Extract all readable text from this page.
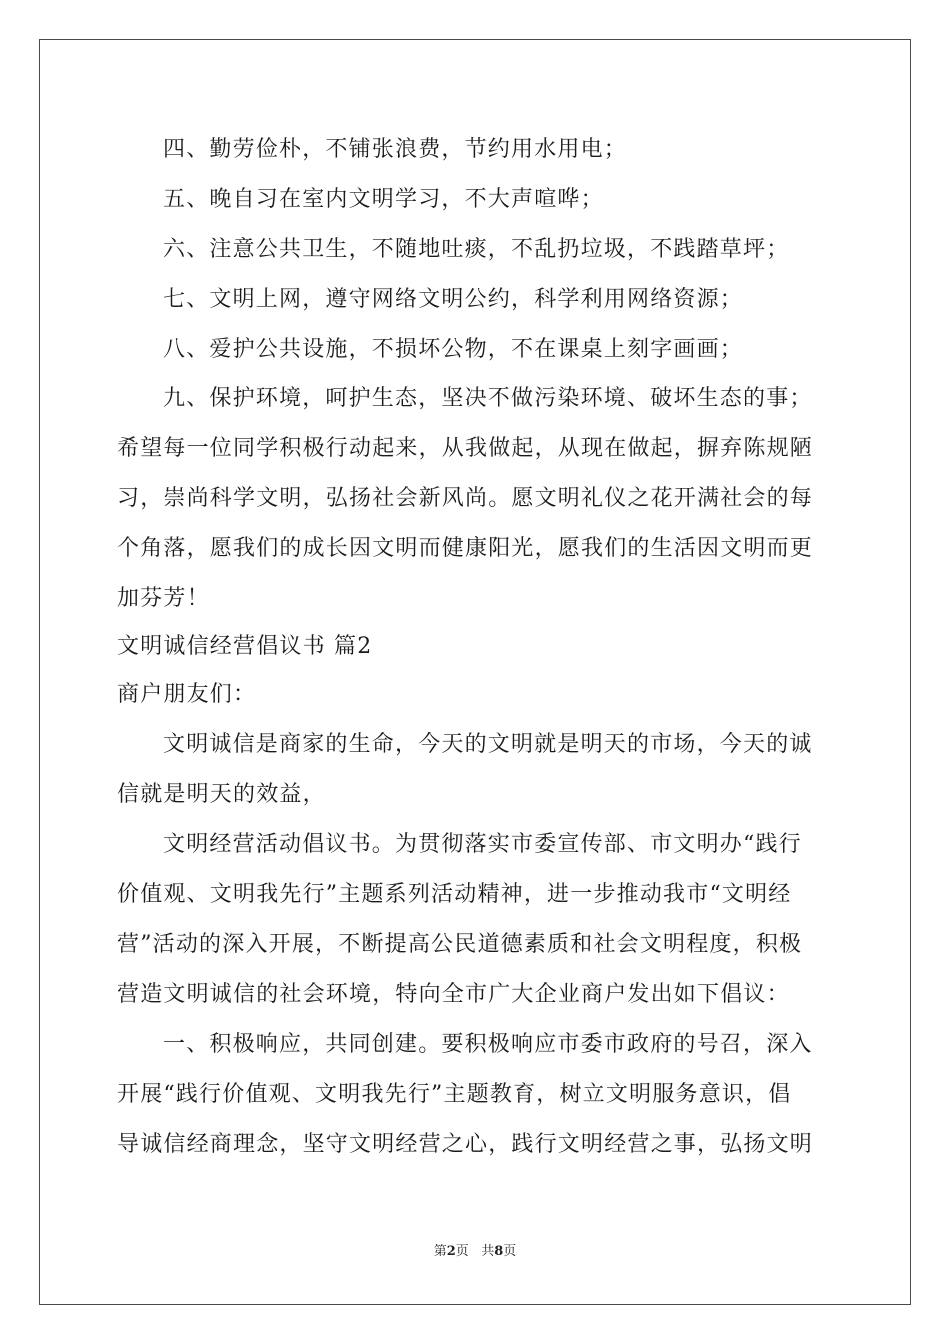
四、勤劳俭朴，不铺张浪费，节约用水用电；
五、晚自习在室内文明学习，不大声喧哗；
六、注意公共卫生，不随地吐痰，不乱扔垃圾，不践踏草坪；
七、文明上网，遵守网络文明公约，科学利用网络资源；
八、爱护公共设施，不损坏公物，不在课桌上刻字画画；
九、保护环境，呵护生态，坚决不做污染环境、破坏生态的事；
希望每一位同学积极行动起来，从我做起，从现在做起，摒弃陈规陋
习，崇尚科学文明，弘扬社会新风尚。愿文明礼仪之花开满社会的每
个角落，愿我们的成长因文明而健康阳光，愿我们的生活因文明而更
加芬芳！
文明诚信经营倡议书 篇2
商户朋友们：
文明诚信是商家的生命，今天的文明就是明天的市场，今天的诚
信就是明天的效益，
文明经营活动倡议书。为贯彻落实市委宣传部、市文明办“践行
价值观、文明我先行”主题系列活动精神，进一步推动我市“文明经
营”活动的深入开展，不断提高公民道德素质和社会文明程度，积极
营造文明诚信的社会环境，特向全市广大企业商户发出如下倡议：
一、积极响应，共同创建。要积极响应市委市政府的号召，深入
开展“践行价值观、文明我先行”主题教育，树立文明服务意识，倡
导诚信经商理念，坚守文明经营之心，践行文明经营之事，弘扬文明
第2页 共8页
